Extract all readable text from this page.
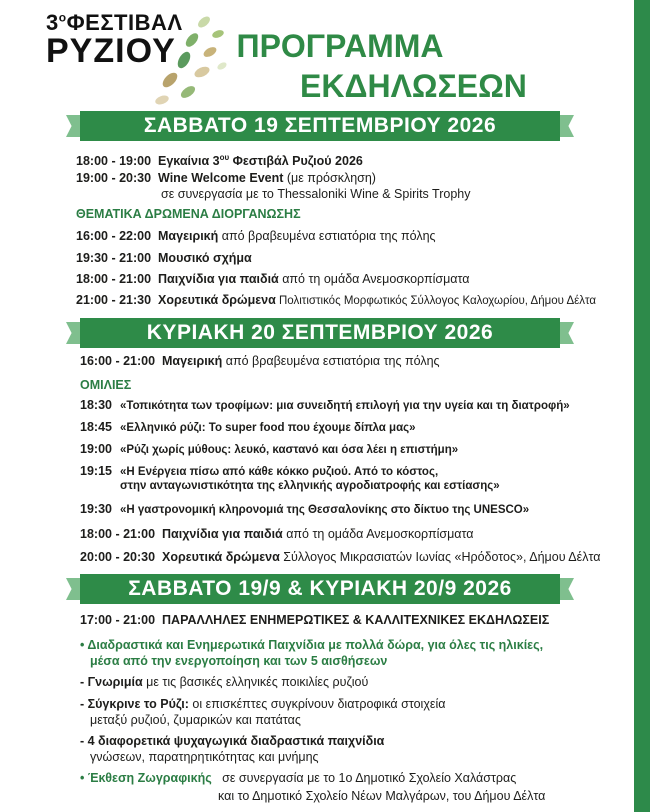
$3^o\Phi E\Sigma TIBA\Lambda$
ΡΥΖΙΟΥ ΠΡΟΓΡΑΜΜΑ
ΕΚΔΗΛΩΣΕΩΝ
ΣΑΒΒΑΤΟ 19 ΣΕΠΤΕΜΒΡΙΟΥ 2026
18:00 - 19:00 Εγκαίνια $3^{o\upsilon}$ Φεστιβάλ Ρυζιού 2026
19:00 - 20:30 Wine Welcome Event (με πρόσκληση)
σε συνεργασία με το Thessaloniki Wine & Spirits Trophy
ΘΕΜΑΤΙΚΑ ΔΡΩΜΕΝΑ ΔΙΟΡΓΑΝΩΣΗΣ
16:00 - 22:00 Μαγειρική από βραβευμένα εστιατόρια της πόλης
19:30 - 21:00 Μουσικό σχήμα
18:00 - 21:00 Παιχνίδια για παιδιά από τη ομάδα Ανεμοσκορπίσματα
21:00 - 21:30 Χορευτικά δρώμενα Πολιτιστικός Μορφωτικός Σύλλογος Καλοχωρίου, Δήμου Δέλτα
ΚΥΡΙΑΚΗ 20 ΣΕΠΤΕΜΒΡΙΟΥ 2026
16:00 - 21:00 Μαγειρική από βραβευμένα εστιατόρια της πόλης
ΟΜΙΛΙΕΣ
18:30 «Τοπικότητα των τροφίμων: μια συνειδητή επιλογή για την υγεία και τη διατροφή»
18:45 «Ελληνικό ρύζι: Το super food που έχουμε δίπλα μας»
19:00 «Ρύζι χωρίς μύθους: λευκό, καστανό και όσα λέει η επιστήμη»
19:15 «Η Ενέργεια πίσω από κάθε κόκκο ρυζιού. Από το κόστος,
στην ανταγωνιστικότητα της ελληνικής αγροδιατροφής και εστίασης»
19:30 «Η γαστρονομική κληρονομιά της Θεσσαλονίκης στο δίκτυο της UNESCO»
18:00 - 21:00 Παιχνίδια για παιδιά από τη ομάδα Ανεμοσκορπίσματα
20:00 - 20:30 Χορευτικά δρώμενα Σύλλογος Μικρασιατών Ιωνίας «Ηρόδοτος», Δήμου Δέλτα
ΣΑΒΒΑΤΟ 19/9 & ΚΥΡΙΑΚΗ 20/9 2026
17:00 - 21:00 ΠΑΡΑΛΛΗΛΕΣ ΕΝΗΜΕΡΩΤΙΚΕΣ & ΚΑΛΛΙΤΕΧΝΙΚΕΣ ΕΚΔΗΛΩΣΕΙΣ
• Διαδραστικά και Ενημερωτικά Παιχνίδια με πολλά δώρα, για όλες τις ηλικίες,
μέσα από την ενεργοποίηση και των 5 αισθήσεων
- Γνωριμία με τις βασικές ελληνικές ποικιλίες ρυζιού
- Σύγκρινε το Ρύζι: οι επισκέπτες συγκρίνουν διατροφικά στοιχεία
μεταξύ ρυζιού, ζυμαρικών και πατάτας
- 4 διαφορετικά ψυχαγωγικά διαδραστικά παιχνίδια
γνώσεων, παρατηρητικότητας και μνήμης
• Έκθεση Ζωγραφικής σε συνεργασία με το 1ο Δημοτικό Σχολείο Χαλάστρας
και το Δημοτικό Σχολείο Νέων Μαλγάρων, του Δήμου Δέλτα
